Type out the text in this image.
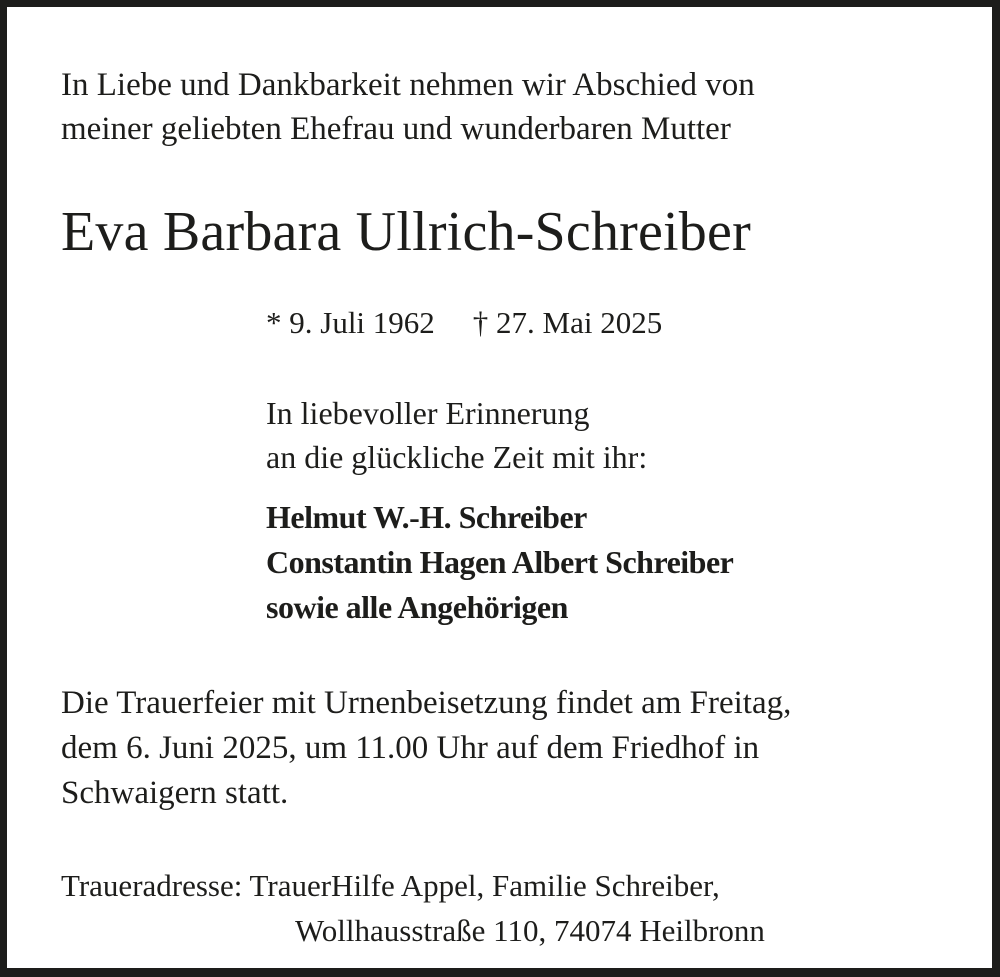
In Liebe und Dankbarkeit nehmen wir Abschied von
meiner geliebten Ehefrau und wunderbaren Mutter

Eva Barbara Ullrich-Schreiber

* 9. Juli 1962 † 27. Mai 2025

In liebevoller Erinnerung
an die glückliche Zeit mit ihr:

Helmut W.-H. Schreiber
Constantin Hagen Albert Schreiber
sowie alle Angehörigen

Die Trauerfeier mit Urnenbeisetzung findet am Freitag,
dem 6. Juni 2025, um 11.00 Uhr auf dem Friedhof in
Schwaigern statt.

Traueradresse: TrauerHilfe Appel, Familie Schreiber,
Wollhausstraße 110, 74074 Heilbronn
